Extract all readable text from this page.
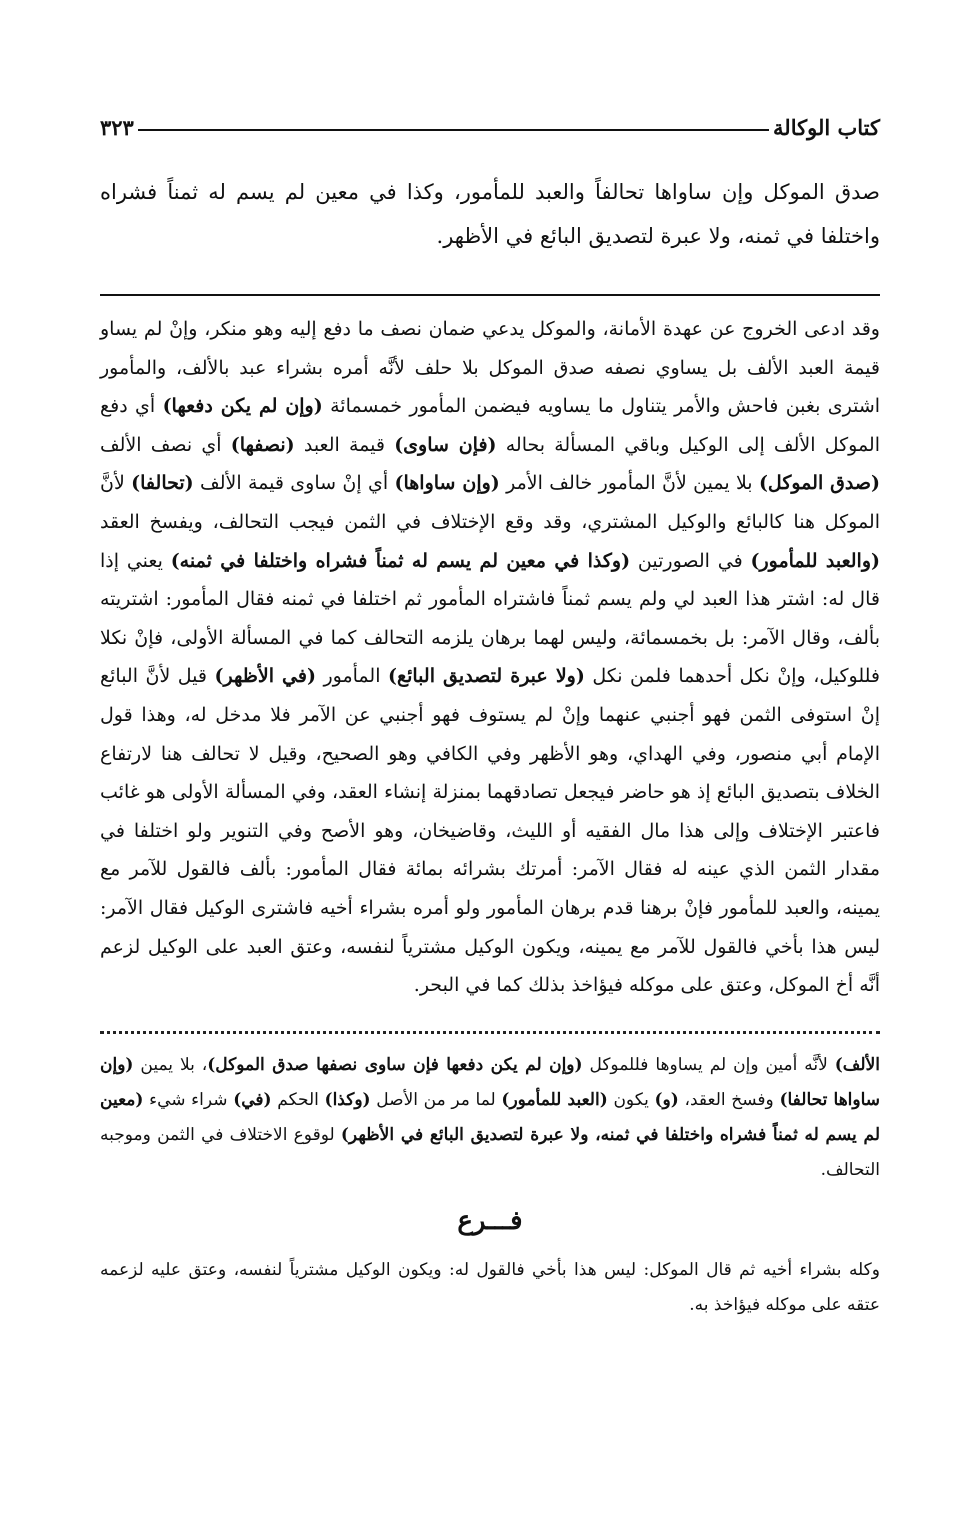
كتاب الوكالة
٣٢٣

صدق الموكل وإن ساواها تحالفاً والعبد للمأمور، وكذا في معين لم يسم له ثمناً فشراه واختلفا في ثمنه، ولا عبرة لتصديق البائع في الأظهر.

وقد ادعى الخروج عن عهدة الأمانة، والموكل يدعي ضمان نصف ما دفع إليه وهو منكر، وإنْ لم يساو قيمة العبد الألف بل يساوي نصفه صدق الموكل بلا حلف لأنَّه أمره بشراء عبد بالألف، والمأمور اشترى بغبن فاحش والأمر يتناول ما يساويه فيضمن المأمور خمسمائة (وإن لم يكن دفعها) أي دفع الموكل الألف إلى الوكيل وباقي المسألة بحاله (فإن ساوى) قيمة العبد (نصفها) أي نصف الألف (صدق الموكل) بلا يمين لأنَّ المأمور خالف الأمر (وإن ساواها) أي إنْ ساوى قيمة الألف (تحالفا) لأنَّ الموكل هنا كالبائع والوكيل المشتري، وقد وقع الإختلاف في الثمن فيجب التحالف، ويفسخ العقد (والعبد للمأمور) في الصورتين (وكذا في معين لم يسم له ثمناً فشراه واختلفا في ثمنه) يعني إذا قال له: اشتر هذا العبد لي ولم يسم ثمناً فاشتراه المأمور ثم اختلفا في ثمنه فقال المأمور: اشتريته بألف، وقال الآمر: بل بخمسمائة، وليس لهما برهان يلزمه التحالف كما في المسألة الأولى، فإنْ نكلا فللوكيل، وإنْ نكل أحدهما فلمن نكل (ولا عبرة لتصديق البائع) المأمور (في الأظهر) قيل لأنَّ البائع إنْ استوفى الثمن فهو أجنبي عنهما وإنْ لم يستوف فهو أجنبي عن الآمر فلا مدخل له، وهذا قول الإمام أبي منصور، وفي الهداي، وهو الأظهر وفي الكافي وهو الصحيح، وقيل لا تحالف هنا لارتفاع الخلاف بتصديق البائع إذ هو حاضر فيجعل تصادقهما بمنزلة إنشاء العقد، وفي المسألة الأولى هو غائب فاعتبر الإختلاف وإلى هذا مال الفقيه أو الليث، وقاضيخان، وهو الأصح وفي التنوير ولو اختلفا في مقدار الثمن الذي عينه له فقال الآمر: أمرتك بشرائه بمائة فقال المأمور: بألف فالقول للآمر مع يمينه، والعبد للمأمور فإنْ برهنا قدم برهان المأمور ولو أمره بشراء أخيه فاشترى الوكيل فقال الآمر: ليس هذا بأخي فالقول للآمر مع يمينه، ويكون الوكيل مشترياً لنفسه، وعتق العبد على الوكيل لزعم أنَّه أخ الموكل، وعتق على موكله فيؤاخذ بذلك كما في البحر.
الألف) لأنَّه أمين وإن لم يساوها فللموكل (وإن لم يكن دفعها فإن ساوى نصفها صدق الموكل)، بلا يمين (وإن ساواها تحالفا) وفسخ العقد، (و) يكون (العبد للمأمور) لما مر من الأصل (وكذا) الحكم (في) شراء شيء (معين لم يسم له ثمناً فشراه واختلفا في ثمنه، ولا عبرة لتصديق البائع في الأظهر) لوقوع الاختلاف في الثمن وموجبه التحالف.
فـــرع

وكله بشراء أخيه ثم قال الموكل: ليس هذا بأخي فالقول له: ويكون الوكيل مشترياً لنفسه، وعتق عليه لزعمه عتقه على موكله فيؤاخذ به.
